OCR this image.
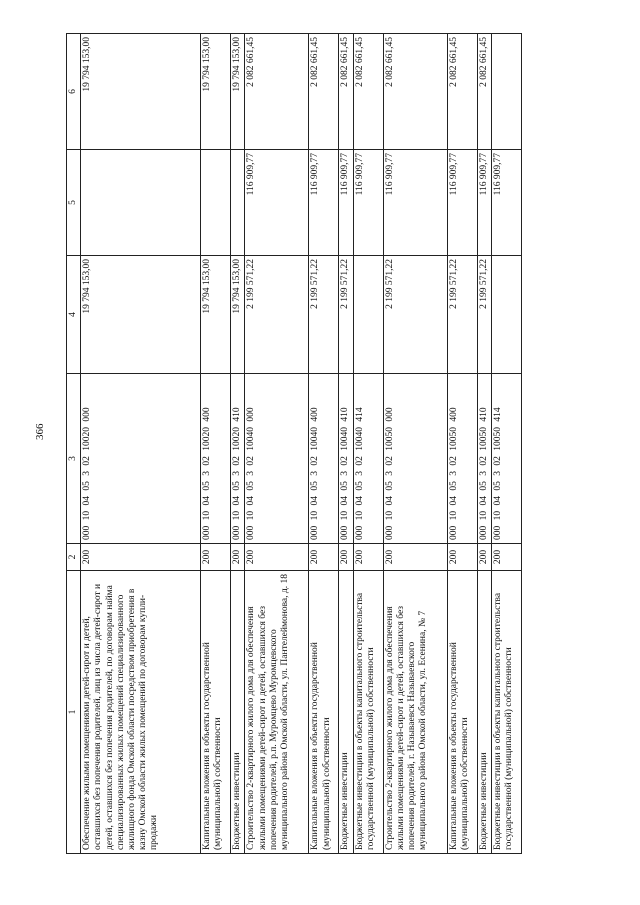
366
1	2	3	4	5	6
Обеспечение жилыми помещениями детей-сирот и детей, оставшихся без попечения родителей, лиц из числа детей-сирот и детей, оставшихся без попечения родителей, по договорам найма специализированных жилых помещений специализированного жилищного фонда Омской области посредством приобретения в казну Омской области жилых помещений по договорам купли-продажи	200	000 10 04 05 3 02 10020 000	19 794 153,00		19 794 153,00
Капитальные вложения в объекты государственной (муниципальной) собственности	200	000 10 04 05 3 02 10020 400	19 794 153,00		19 794 153,00
Бюджетные инвестиции	200	000 10 04 05 3 02 10020 410	19 794 153,00		19 794 153,00
Строительство 2-квартирного жилого дома для обеспечения жилыми помещениями детей-сирот и детей, оставшихся без попечения родителей, р.п. Муромцево Муромцевского муниципального района Омской области, ул. Пантелеймонова, д. 18	200	000 10 04 05 3 02 10040 000	2 199 571,22	116 909,77	2 082 661,45
Капитальные вложения в объекты государственной (муниципальной) собственности	200	000 10 04 05 3 02 10040 400	2 199 571,22	116 909,77	2 082 661,45
Бюджетные инвестиции	200	000 10 04 05 3 02 10040 410	2 199 571,22	116 909,77	2 082 661,45
Бюджетные инвестиции в объекты капитального строительства государственной (муниципальной) собственности	200	000 10 04 05 3 02 10040 414		116 909,77	2 082 661,45
Строительство 2-квартирного жилого дома для обеспечения жилыми помещениями детей-сирот и детей, оставшихся без попечения родителей, г. Называевск Называевского муниципального района Омской области, ул. Есенина, № 7	200	000 10 04 05 3 02 10050 000	2 199 571,22	116 909,77	2 082 661,45
Капитальные вложения в объекты государственной (муниципальной) собственности	200	000 10 04 05 3 02 10050 400	2 199 571,22	116 909,77	2 082 661,45
Бюджетные инвестиции	200	000 10 04 05 3 02 10050 410	2 199 571,22	116 909,77	2 082 661,45
Бюджетные инвестиции в объекты капитального строительства государственной (муниципальной) собственности	200	000 10 04 05 3 02 10050 414		116 909,77	
